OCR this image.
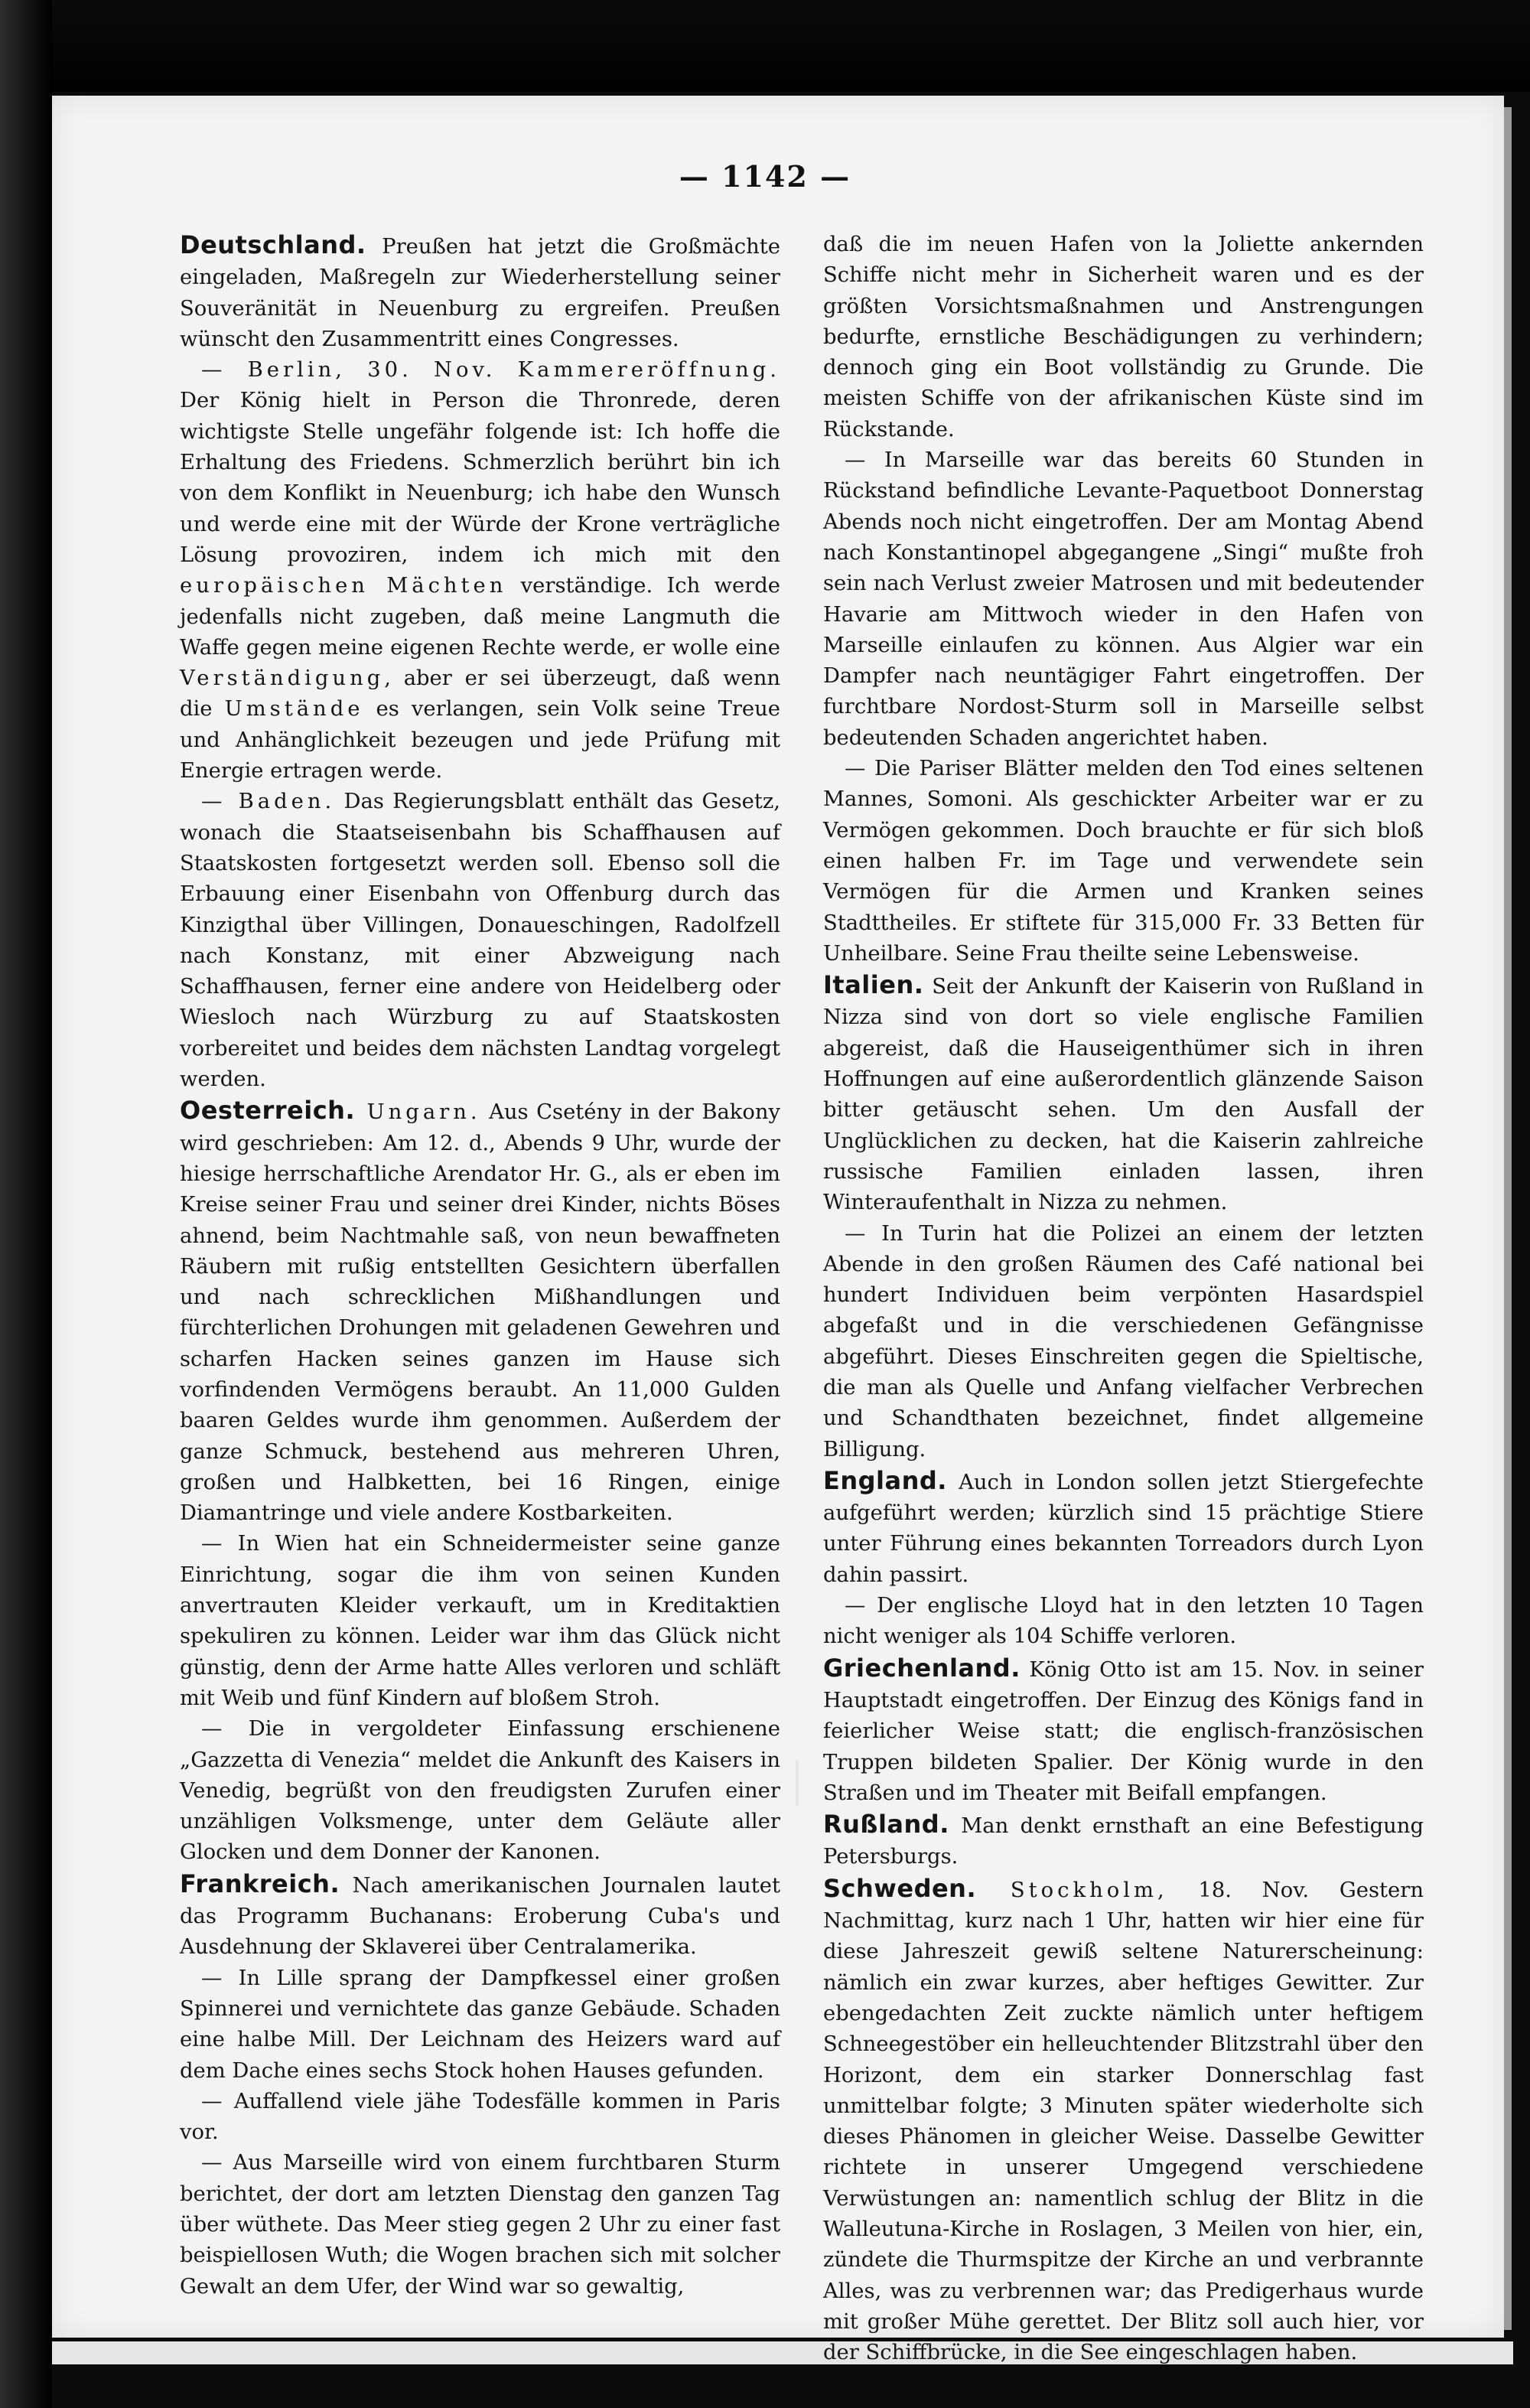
— 1142 —

Deutschland. Preußen hat jetzt die Großmächte eingeladen, Maßregeln zur Wiederherstellung seiner Souveränität in Neuenburg zu ergreifen. Preußen wünscht den Zusammentritt eines Congresses.

— Berlin, 30. Nov. Kammereröffnung. Der König hielt in Person die Thronrede, deren wichtigste Stelle ungefähr folgende ist: Ich hoffe die Erhaltung des Friedens. Schmerzlich berührt bin ich von dem Konflikt in Neuenburg; ich habe den Wunsch und werde eine mit der Würde der Krone verträgliche Lösung provoziren, indem ich mich mit den europäischen Mächten verständige. Ich werde jedenfalls nicht zugeben, daß meine Langmuth die Waffe gegen meine eigenen Rechte werde, er wolle eine Verständigung, aber er sei überzeugt, daß wenn die Umstände es verlangen, sein Volk seine Treue und Anhänglichkeit bezeugen und jede Prüfung mit Energie ertragen werde.

— Baden. Das Regierungsblatt enthält das Gesetz, wonach die Staatseisenbahn bis Schaffhausen auf Staatskosten fortgesetzt werden soll. Ebenso soll die Erbauung einer Eisenbahn von Offenburg durch das Kinzigthal über Villingen, Donaueschingen, Radolfzell nach Konstanz, mit einer Abzweigung nach Schaffhausen, ferner eine andere von Heidelberg oder Wiesloch nach Würzburg zu auf Staatskosten vorbereitet und beides dem nächsten Landtag vorgelegt werden.

Oesterreich. Ungarn. Aus Csetény in der Bakony wird geschrieben: Am 12. d., Abends 9 Uhr, wurde der hiesige herrschaftliche Arendator Hr. G., als er eben im Kreise seiner Frau und seiner drei Kinder, nichts Böses ahnend, beim Nachtmahle saß, von neun bewaffneten Räubern mit rußig entstellten Gesichtern überfallen und nach schrecklichen Mißhandlungen und fürchterlichen Drohungen mit geladenen Gewehren und scharfen Hacken seines ganzen im Hause sich vorfindenden Vermögens beraubt. An 11,000 Gulden baaren Geldes wurde ihm genommen. Außerdem der ganze Schmuck, bestehend aus mehreren Uhren, großen und Halbketten, bei 16 Ringen, einige Diamantringe und viele andere Kostbarkeiten.

— In Wien hat ein Schneidermeister seine ganze Einrichtung, sogar die ihm von seinen Kunden anvertrauten Kleider verkauft, um in Kreditaktien spekuliren zu können. Leider war ihm das Glück nicht günstig, denn der Arme hatte Alles verloren und schläft mit Weib und fünf Kindern auf bloßem Stroh.

— Die in vergoldeter Einfassung erschienene „Gazzetta di Venezia“ meldet die Ankunft des Kaisers in Venedig, begrüßt von den freudigsten Zurufen einer unzähligen Volksmenge, unter dem Geläute aller Glocken und dem Donner der Kanonen.

Frankreich. Nach amerikanischen Journalen lautet das Programm Buchanans: Eroberung Cuba's und Ausdehnung der Sklaverei über Centralamerika.

— In Lille sprang der Dampfkessel einer großen Spinnerei und vernichtete das ganze Gebäude. Schaden eine halbe Mill. Der Leichnam des Heizers ward auf dem Dache eines sechs Stock hohen Hauses gefunden.

— Auffallend viele jähe Todesfälle kommen in Paris vor.

— Aus Marseille wird von einem furchtbaren Sturm berichtet, der dort am letzten Dienstag den ganzen Tag über wüthete. Das Meer stieg gegen 2 Uhr zu einer fast beispiellosen Wuth; die Wogen brachen sich mit solcher Gewalt an dem Ufer, der Wind war so gewaltig,

daß die im neuen Hafen von la Joliette ankernden Schiffe nicht mehr in Sicherheit waren und es der größten Vorsichtsmaßnahmen und Anstrengungen bedurfte, ernstliche Beschädigungen zu verhindern; dennoch ging ein Boot vollständig zu Grunde. Die meisten Schiffe von der afrikanischen Küste sind im Rückstande.

— In Marseille war das bereits 60 Stunden in Rückstand befindliche Levante-Paquetboot Donnerstag Abends noch nicht eingetroffen. Der am Montag Abend nach Konstantinopel abgegangene „Singi“ mußte froh sein nach Verlust zweier Matrosen und mit bedeutender Havarie am Mittwoch wieder in den Hafen von Marseille einlaufen zu können. Aus Algier war ein Dampfer nach neuntägiger Fahrt eingetroffen. Der furchtbare Nordost-Sturm soll in Marseille selbst bedeutenden Schaden angerichtet haben.

— Die Pariser Blätter melden den Tod eines seltenen Mannes, Somoni. Als geschickter Arbeiter war er zu Vermögen gekommen. Doch brauchte er für sich bloß einen halben Fr. im Tage und verwendete sein Vermögen für die Armen und Kranken seines Stadttheiles. Er stiftete für 315,000 Fr. 33 Betten für Unheilbare. Seine Frau theilte seine Lebensweise.

Italien. Seit der Ankunft der Kaiserin von Rußland in Nizza sind von dort so viele englische Familien abgereist, daß die Hauseigenthümer sich in ihren Hoffnungen auf eine außerordentlich glänzende Saison bitter getäuscht sehen. Um den Ausfall der Unglücklichen zu decken, hat die Kaiserin zahlreiche russische Familien einladen lassen, ihren Winteraufenthalt in Nizza zu nehmen.

— In Turin hat die Polizei an einem der letzten Abende in den großen Räumen des Café national bei hundert Individuen beim verpönten Hasardspiel abgefaßt und in die verschiedenen Gefängnisse abgeführt. Dieses Einschreiten gegen die Spieltische, die man als Quelle und Anfang vielfacher Verbrechen und Schandthaten bezeichnet, findet allgemeine Billigung.

England. Auch in London sollen jetzt Stiergefechte aufgeführt werden; kürzlich sind 15 prächtige Stiere unter Führung eines bekannten Torreadors durch Lyon dahin passirt.

— Der englische Lloyd hat in den letzten 10 Tagen nicht weniger als 104 Schiffe verloren.

Griechenland. König Otto ist am 15. Nov. in seiner Hauptstadt eingetroffen. Der Einzug des Königs fand in feierlicher Weise statt; die englisch-französischen Truppen bildeten Spalier. Der König wurde in den Straßen und im Theater mit Beifall empfangen.

Rußland. Man denkt ernsthaft an eine Befestigung Petersburgs.

Schweden. Stockholm, 18. Nov. Gestern Nachmittag, kurz nach 1 Uhr, hatten wir hier eine für diese Jahreszeit gewiß seltene Naturerscheinung: nämlich ein zwar kurzes, aber heftiges Gewitter. Zur ebengedachten Zeit zuckte nämlich unter heftigem Schneegestöber ein helleuchtender Blitzstrahl über den Horizont, dem ein starker Donnerschlag fast unmittelbar folgte; 3 Minuten später wiederholte sich dieses Phänomen in gleicher Weise. Dasselbe Gewitter richtete in unserer Umgegend verschiedene Verwüstungen an: namentlich schlug der Blitz in die Walleutuna-Kirche in Roslagen, 3 Meilen von hier, ein, zündete die Thurmspitze der Kirche an und verbrannte Alles, was zu verbrennen war; das Predigerhaus wurde mit großer Mühe gerettet. Der Blitz soll auch hier, vor der Schiffbrücke, in die See eingeschlagen haben.
